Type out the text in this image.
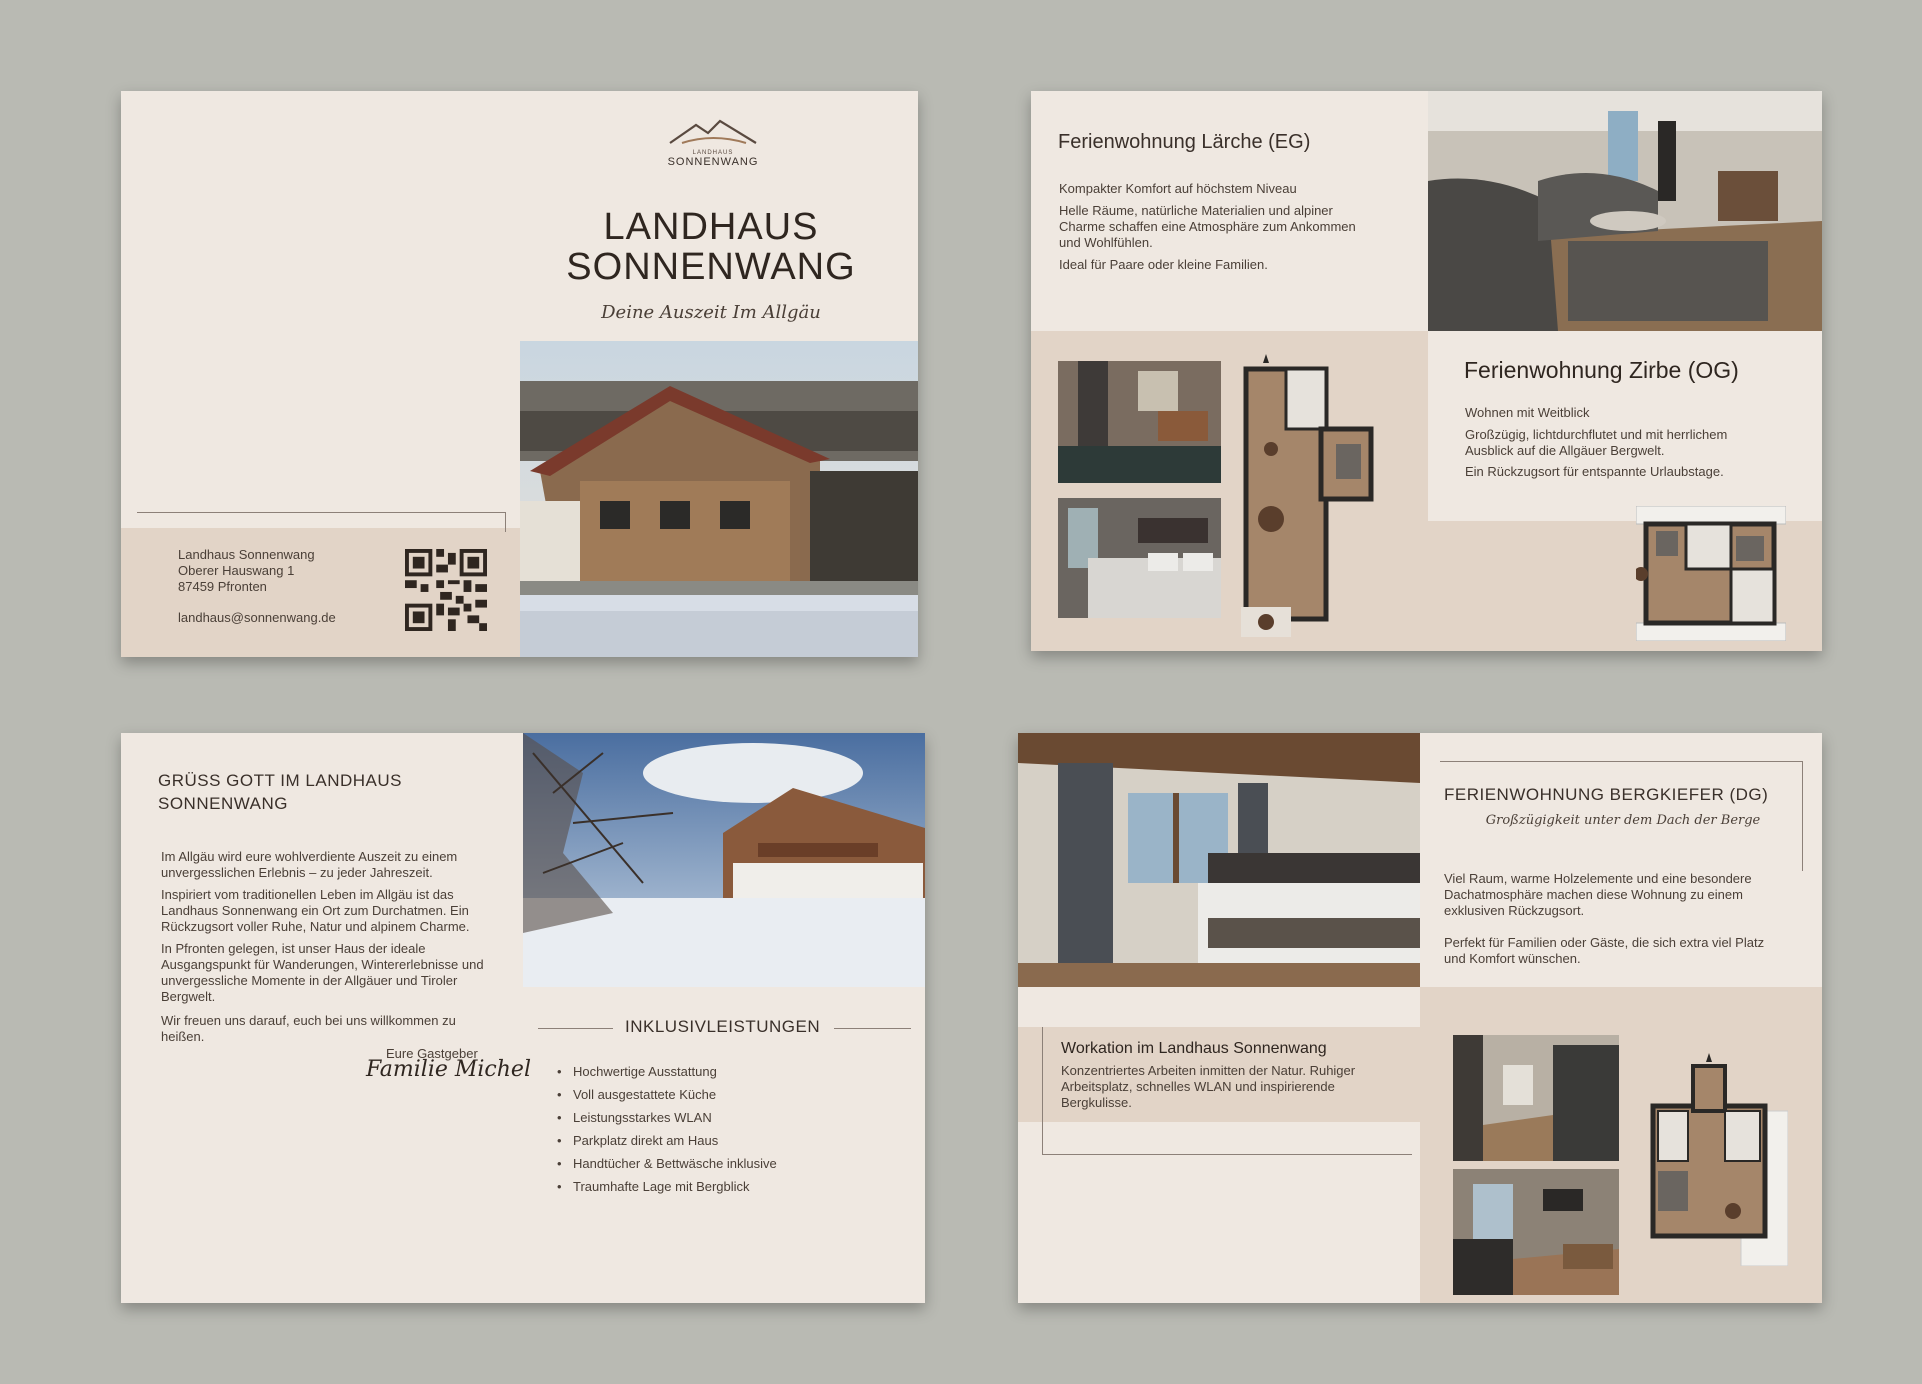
LANDHAUS
SONNENWANG
LANDHAUS
SONNENWANG
Deine Auszeit Im Allgäu
Landhaus Sonnenwang
Oberer Hauswang 1
87459 Pfronten
landhaus@sonnenwang.de
Ferienwohnung Lärche (EG)
Kompakter Komfort auf höchstem Niveau
Helle Räume, natürliche Materialien und alpiner Charme schaffen eine Atmosphäre zum Ankommen und Wohlfühlen.
Ideal für Paare oder kleine Familien.
Ferienwohnung Zirbe (OG)
Wohnen mit Weitblick
Großzügig, lichtdurchflutet und mit herrlichem Ausblick auf die Allgäuer Bergwelt.
Ein Rückzugsort für entspannte Urlaubstage.
GRÜSS GOTT IM LANDHAUS SONNENWANG
Im Allgäu wird eure wohlverdiente Auszeit zu einem unvergesslichen Erlebnis – zu jeder Jahreszeit.
Inspiriert vom traditionellen Leben im Allgäu ist das Landhaus Sonnenwang ein Ort zum Durchatmen. Ein Rückzugsort voller Ruhe, Natur und alpinem Charme.
In Pfronten gelegen, ist unser Haus der ideale Ausgangspunkt für Wanderungen, Wintererlebnisse und unvergessliche Momente in der Allgäuer und Tiroler Bergwelt.
Wir freuen uns darauf, euch bei uns willkommen zu heißen.
Eure Gastgeber
Familie Michel
INKLUSIVLEISTUNGEN
• Hochwertige Ausstattung
• Voll ausgestattete Küche
• Leistungsstarkes WLAN
• Parkplatz direkt am Haus
• Handtücher & Bettwäsche inklusive
• Traumhafte Lage mit Bergblick
FERIENWOHNUNG BERGKIEFER (DG)
Großzügigkeit unter dem Dach der Berge
Viel Raum, warme Holzelemente und eine besondere Dachatmosphäre machen diese Wohnung zu einem exklusiven Rückzugsort.
Perfekt für Familien oder Gäste, die sich extra viel Platz und Komfort wünschen.
Workation im Landhaus Sonnenwang
Konzentriertes Arbeiten inmitten der Natur. Ruhiger Arbeitsplatz, schnelles WLAN und inspirierende Bergkulisse.
